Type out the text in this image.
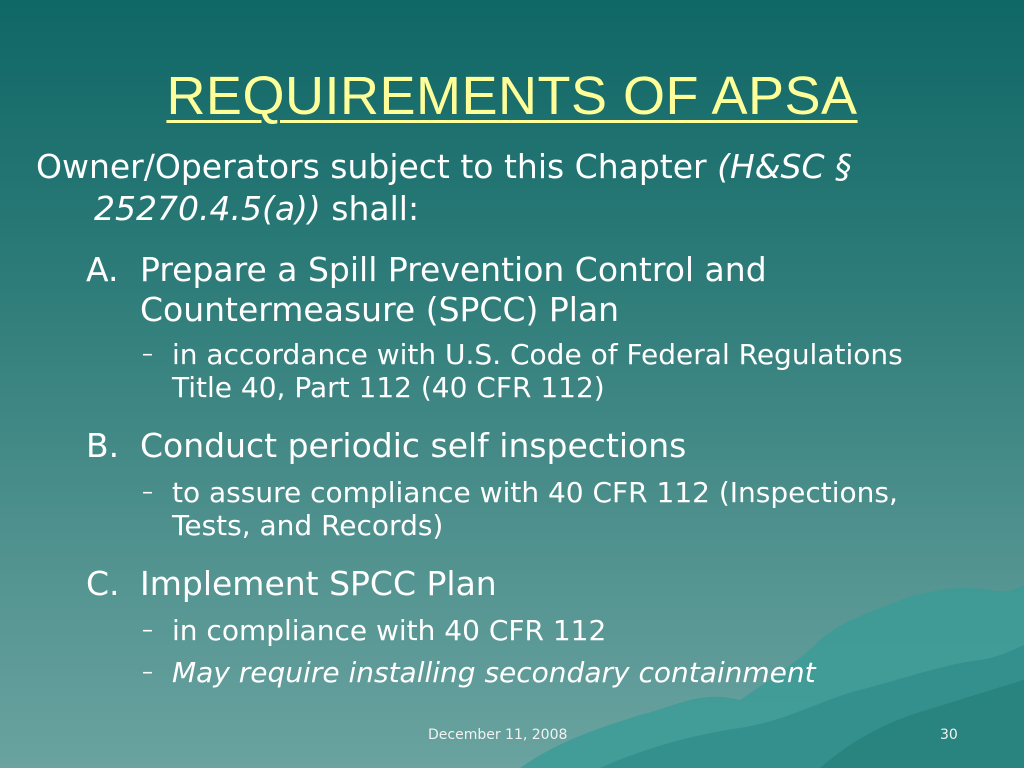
REQUIREMENTS OF APSA
Owner/Operators subject to this Chapter (H&SC § 25270.4.5(a)) shall:
A. Prepare a Spill Prevention Control and Countermeasure (SPCC) Plan
– in accordance with U.S. Code of Federal Regulations Title 40, Part 112 (40 CFR 112)
B. Conduct periodic self inspections
– to assure compliance with 40 CFR 112 (Inspections, Tests, and Records)
C. Implement SPCC Plan
– in compliance with 40 CFR 112
– May require installing secondary containment
December 11, 2008	30
